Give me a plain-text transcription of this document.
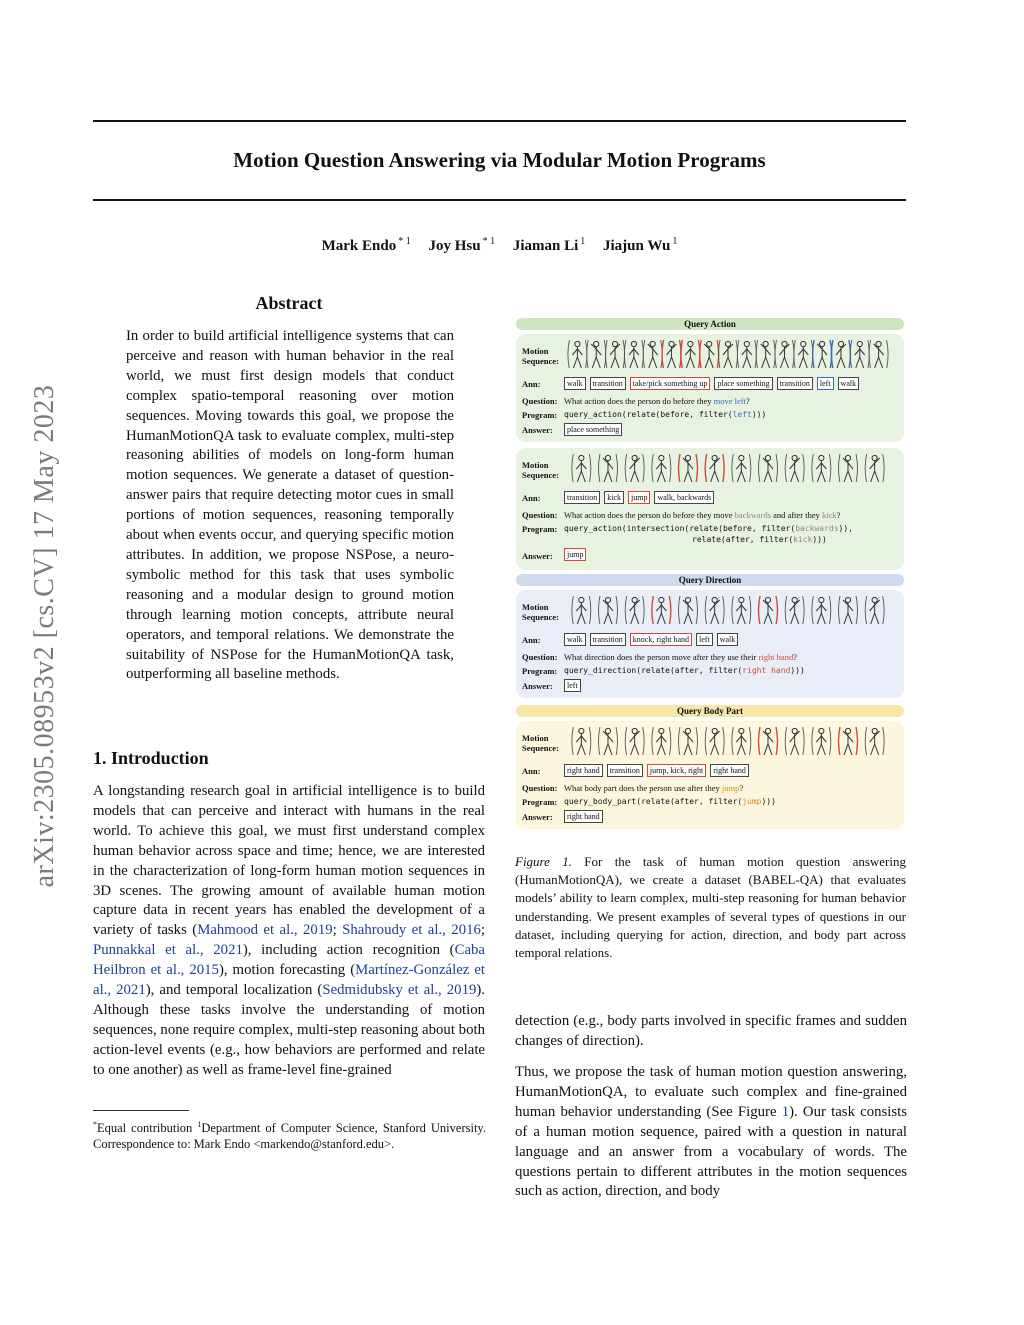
Motion Question Answering via Modular Motion Programs
Mark Endo $^{* 1}$ Joy Hsu $^{* 1}$ Jiaman Li $^1$ Jiajun Wu $^1$
arXiv:2305.08953v2 [cs.CV] 17 May 2023
Abstract
In order to build artificial intelligence systems that can perceive and reason with human behavior in the real world, we must first design models that conduct complex spatio-temporal reasoning over motion sequences. Moving towards this goal, we propose the HumanMotionQA task to evaluate complex, multi-step reasoning abilities of models on long-form human motion sequences. We generate a dataset of question-answer pairs that require detecting motor cues in small portions of motion sequences, reasoning temporally about when events occur, and querying specific motion attributes. In addition, we propose NSPose, a neuro-symbolic method for this task that uses symbolic reasoning and a modular design to ground motion through learning motion concepts, attribute neural operators, and temporal relations. We demonstrate the suitability of NSPose for the HumanMotionQA task, outperforming all baseline methods.
1. Introduction
A longstanding research goal in artificial intelligence is to build models that can perceive and interact with humans in the real world. To achieve this goal, we must first understand complex human behavior across space and time; hence, we are interested in the characterization of long-form human motion sequences in 3D scenes. The growing amount of available human motion capture data in recent years has enabled the development of a variety of tasks (Mahmood et al., 2019; Shahroudy et al., 2016; Punnakkal et al., 2021), including action recognition (Caba Heilbron et al., 2015), motion forecasting (Martínez-González et al., 2021), and temporal localization (Sedmidubsky et al., 2019). Although these tasks involve the understanding of motion sequences, none require complex, multi-step reasoning about both action-level events (e.g., how behaviors are performed and relate to one another) as well as frame-level fine-grained
*Equal contribution $^1$Department of Computer Science, Stanford University. Correspondence to: Mark Endo <markendo@stanford.edu>.
Query Action
Motion
Sequence:
Ann:	walk transition take/pick something up place something transition left walk
Question: What action does the person do before they move left?
Program: query_action(relate(before, filter(left)))
Answer:	place something
Motion
Sequence:
Ann:	transition kick jump walk, backwards
Question: What action does the person do before they move backwards and after they kick?
Program: query_action(intersection(relate(before, filter(backwards)),
relate(after, filter(kick)))
Answer:	jump
Query Direction
Motion
Sequence:
Ann:	walk transition knock, right hand left walk
Question: What direction does the person move after they use their right hand?
Program: query_direction(relate(after, filter(right hand)))
Answer:	left
Query Body Part
Motion
Sequence:
Ann:	right hand transition jump, kick, right right hand
Question: What body part does the person use after they jump?
Program: query_body_part(relate(after, filter(jump)))
Answer:	right hand
Figure 1. For the task of human motion question answering (HumanMotionQA), we create a dataset (BABEL-QA) that evaluates models’ ability to learn complex, multi-step reasoning for human behavior understanding. We present examples of several types of questions in our dataset, including querying for action, direction, and body part across temporal relations.
detection (e.g., body parts involved in specific frames and sudden changes of direction).
Thus, we propose the task of human motion question answering, HumanMotionQA, to evaluate such complex and fine-grained human behavior understanding (See Figure 1). Our task consists of a human motion sequence, paired with a question in natural language and an answer from a vocabulary of words. The questions pertain to different attributes in the motion sequences such as action, direction, and body
